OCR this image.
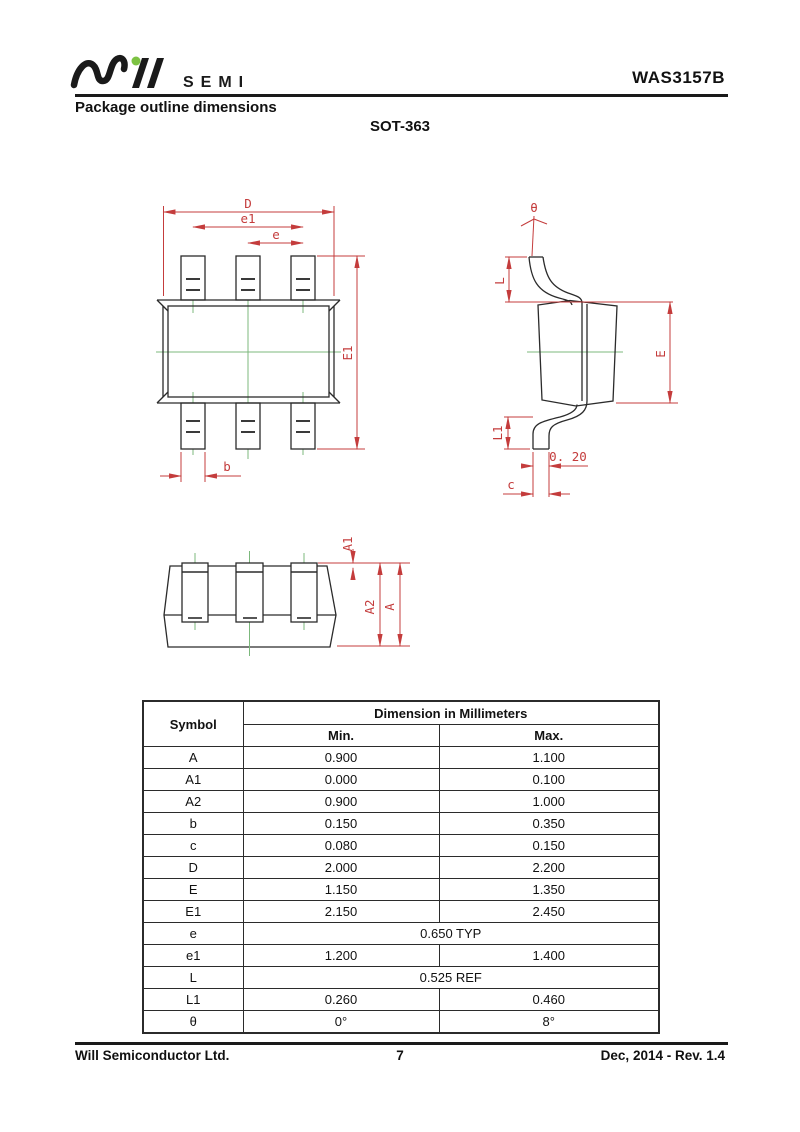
SEMI	WAS3157B
Package outline dimensions
SOT-363
D
e1
e
E1
b
θ
L
E
L1
0. 20
c
A1
A2 A
Symbol	Dimension in Millimeters	
	Min.	Max.
A	0.900	1.100
A1	0.000	0.100
A2	0.900	1.000
b	0.150	0.350
c	0.080	0.150
D	2.000	2.200
E	1.150	1.350
E1	2.150	2.450
e	0.650 TYP	
e1	1.200	1.400
L	0.525 REF	
L1	0.260	0.460
θ	0°	8°
Will Semiconductor Ltd.	7	Dec, 2014 - Rev. 1.4
